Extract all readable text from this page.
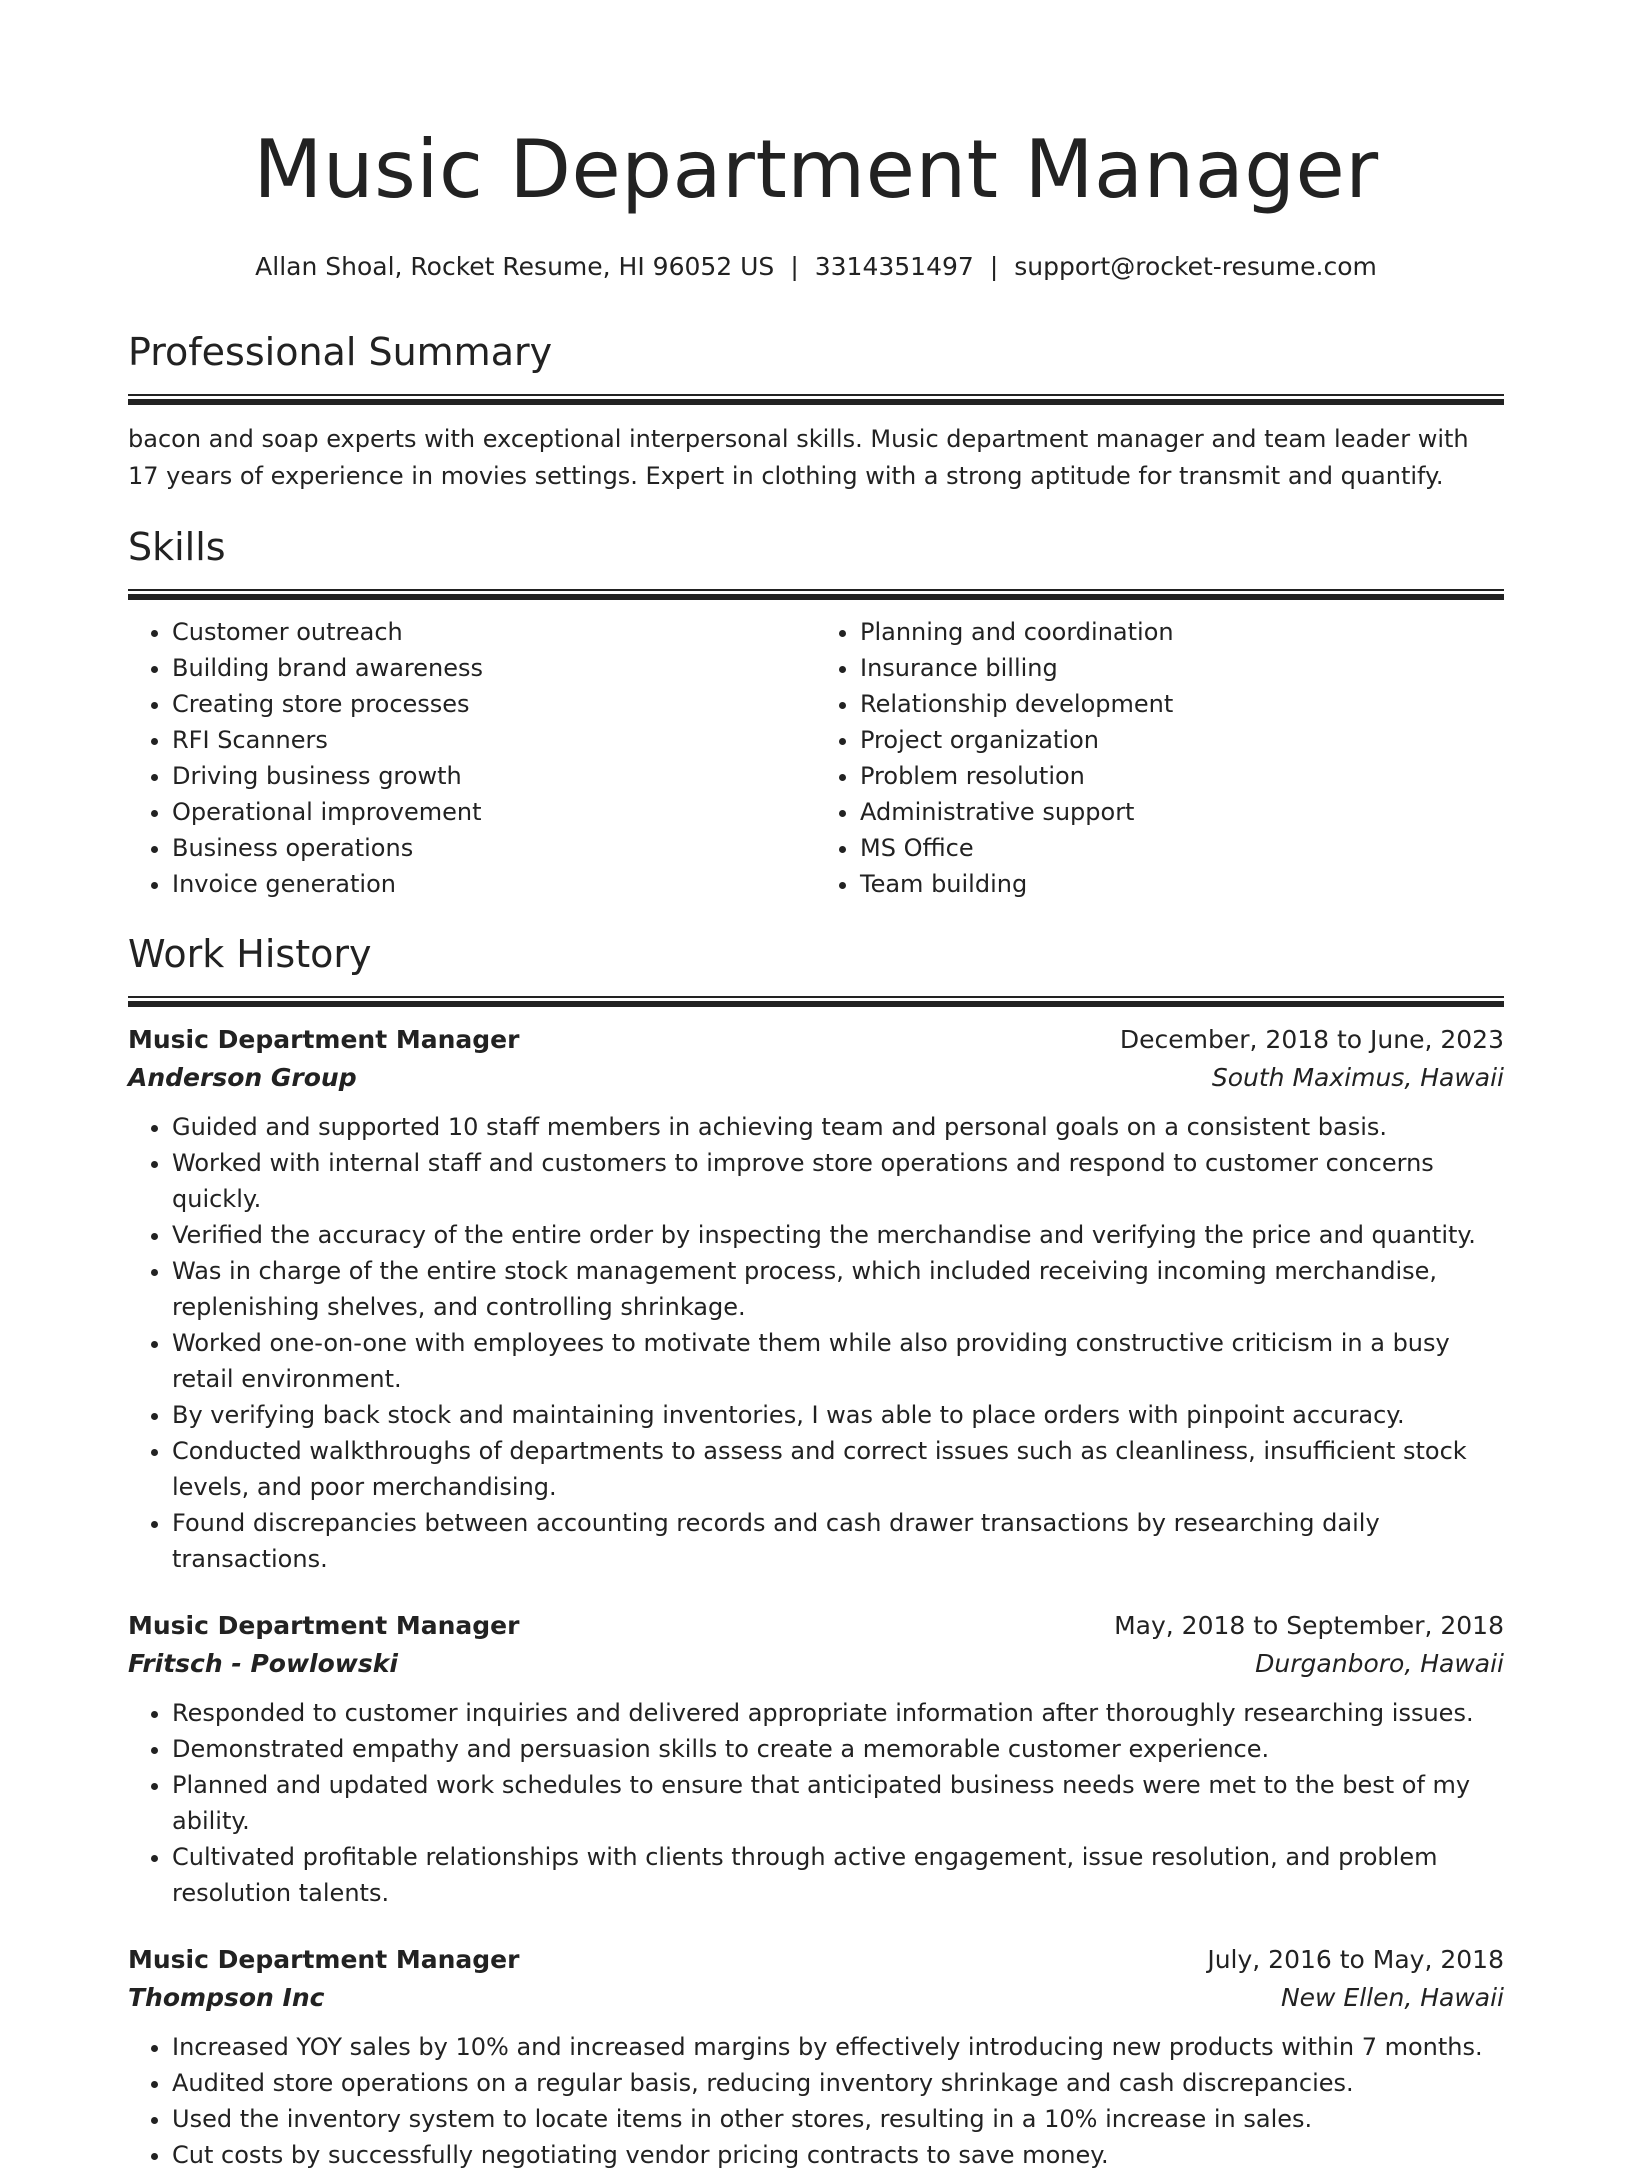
Music Department Manager
Allan Shoal, Rocket Resume, HI 96052 US | 3314351497 | support@rocket-resume.com
Professional Summary
bacon and soap experts with exceptional interpersonal skills. Music department manager and team leader with 17 years of experience in movies settings. Expert in clothing with a strong aptitude for transmit and quantify.
Skills
• Customer outreach
• Building brand awareness
• Creating store processes
• RFI Scanners
• Driving business growth
• Operational improvement
• Business operations
• Invoice generation
• Planning and coordination
• Insurance billing
• Relationship development
• Project organization
• Problem resolution
• Administrative support
• MS Office
• Team building
Work History
Music Department Manager	December, 2018 to June, 2023
Anderson Group	South Maximus, Hawaii
• Guided and supported 10 staff members in achieving team and personal goals on a consistent basis.
• Worked with internal staff and customers to improve store operations and respond to customer concerns quickly.
• Verified the accuracy of the entire order by inspecting the merchandise and verifying the price and quantity.
• Was in charge of the entire stock management process, which included receiving incoming merchandise, replenishing shelves, and controlling shrinkage.
• Worked one-on-one with employees to motivate them while also providing constructive criticism in a busy retail environment.
• By verifying back stock and maintaining inventories, I was able to place orders with pinpoint accuracy.
• Conducted walkthroughs of departments to assess and correct issues such as cleanliness, insufficient stock levels, and poor merchandising.
• Found discrepancies between accounting records and cash drawer transactions by researching daily transactions.
Music Department Manager	May, 2018 to September, 2018
Fritsch - Powlowski	Durganboro, Hawaii
• Responded to customer inquiries and delivered appropriate information after thoroughly researching issues.
• Demonstrated empathy and persuasion skills to create a memorable customer experience.
• Planned and updated work schedules to ensure that anticipated business needs were met to the best of my ability.
• Cultivated profitable relationships with clients through active engagement, issue resolution, and problem resolution talents.
Music Department Manager	July, 2016 to May, 2018
Thompson Inc	New Ellen, Hawaii
• Increased YOY sales by 10% and increased margins by effectively introducing new products within 7 months.
• Audited store operations on a regular basis, reducing inventory shrinkage and cash discrepancies.
• Used the inventory system to locate items in other stores, resulting in a 10% increase in sales.
• Cut costs by successfully negotiating vendor pricing contracts to save money.
